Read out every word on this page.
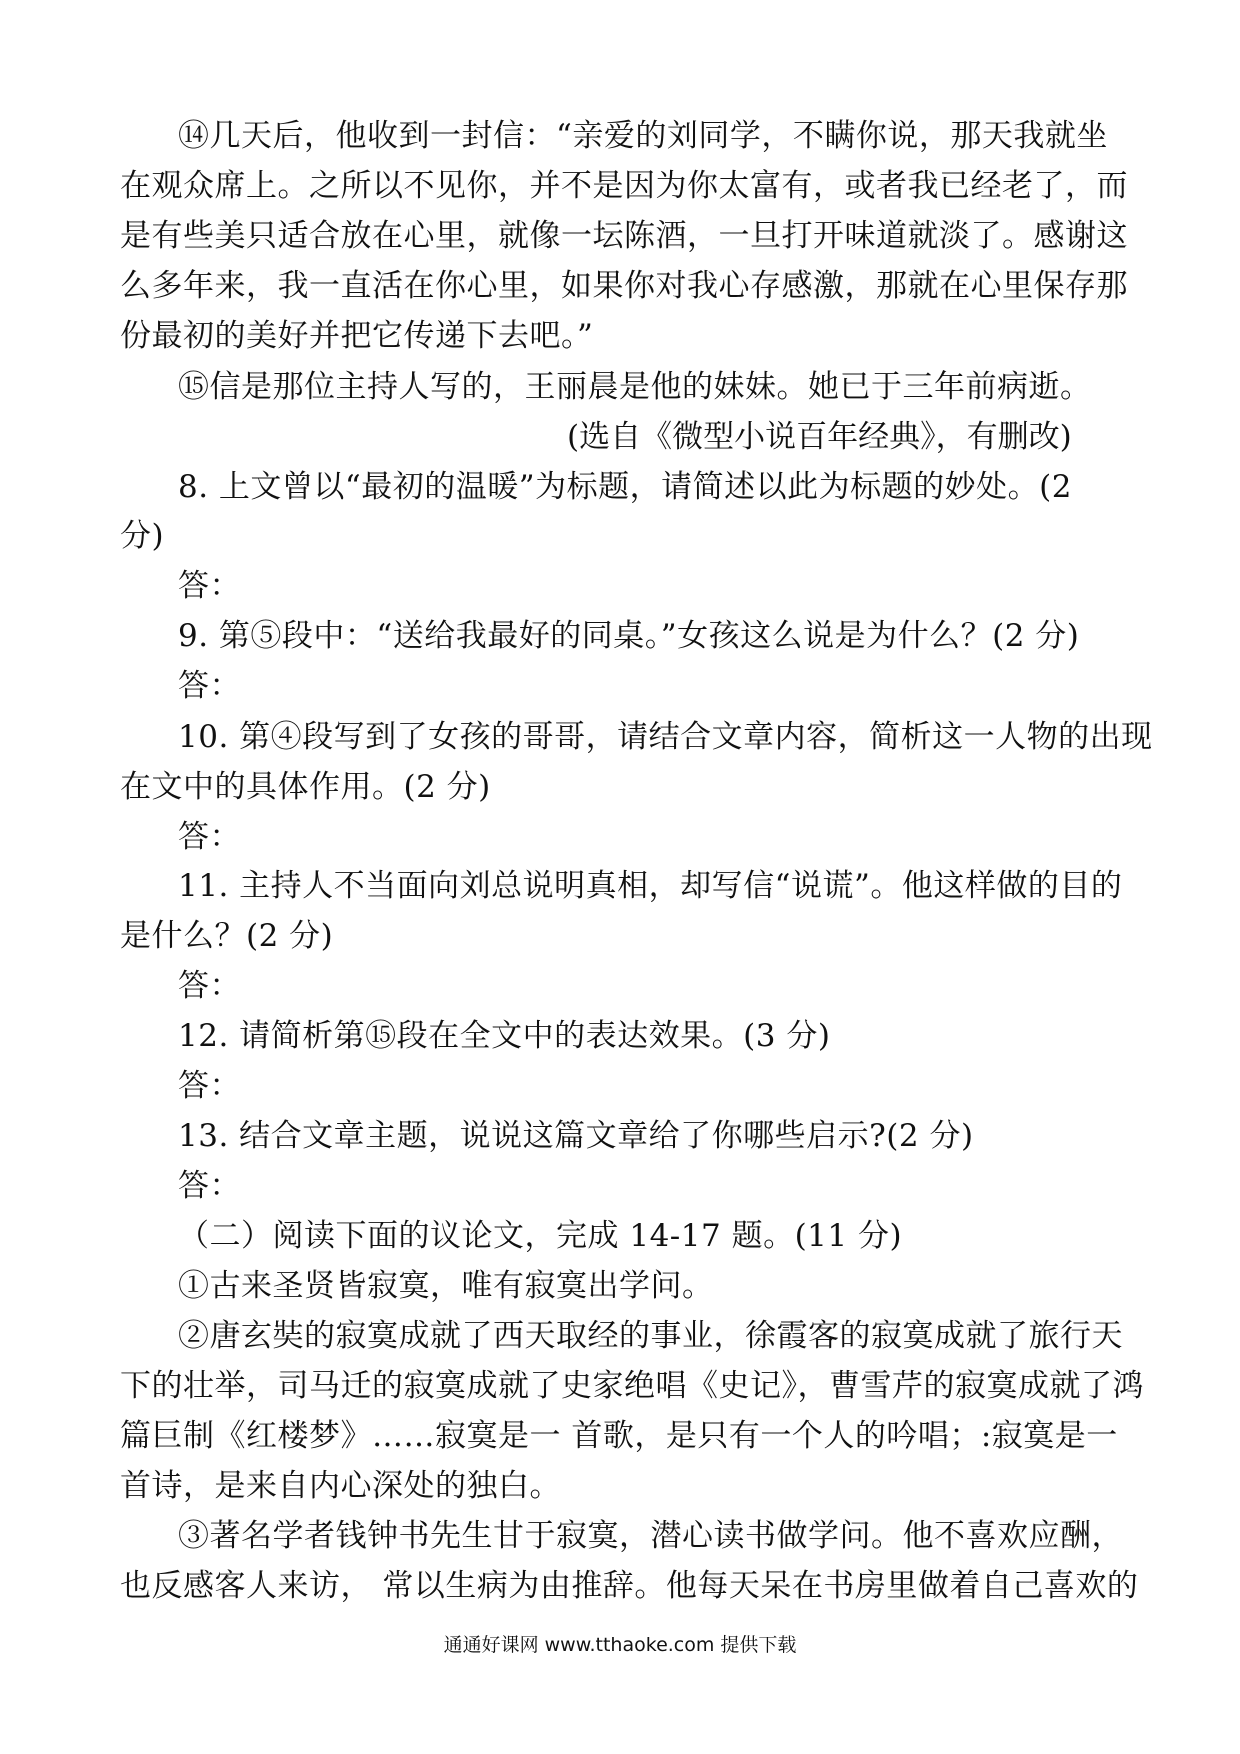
⑭几天后，他收到一封信：“亲爱的刘同学，不瞒你说，那天我就坐
在观众席上。之所以不见你，并不是因为你太富有，或者我已经老了，而
是有些美只适合放在心里，就像一坛陈酒，一旦打开味道就淡了。感谢这
么多年来，我一直活在你心里，如果你对我心存感激，那就在心里保存那
份最初的美好并把它传递下去吧。”
⑮信是那位主持人写的，王丽晨是他的妹妹。她已于三年前病逝。
(选自《微型小说百年经典》，有删改)
8. 上文曾以“最初的温暖”为标题，请简述以此为标题的妙处。(2
分)
答：
9. 第⑤段中：“送给我最好的同桌。”女孩这么说是为什么？(2 分)
答：
10. 第④段写到了女孩的哥哥，请结合文章内容，简析这一人物的出现
在文中的具体作用。(2 分)
答：
11. 主持人不当面向刘总说明真相，却写信“说谎”。他这样做的目的
是什么？(2 分)
答：
12. 请简析第⑮段在全文中的表达效果。(3 分)
答：
13. 结合文章主题，说说这篇文章给了你哪些启示?(2 分)
答：
（二）阅读下面的议论文，完成 14-17 题。(11 分)
①古来圣贤皆寂寞，唯有寂寞出学问。
②唐玄奘的寂寞成就了西天取经的事业，徐霞客的寂寞成就了旅行天
下的壮举，司马迁的寂寞成就了史家绝唱《史记》，曹雪芹的寂寞成就了鸿
篇巨制《红楼梦》……寂寞是一 首歌，是只有一个人的吟唱；:寂寞是一
首诗，是来自内心深处的独白。
③著名学者钱钟书先生甘于寂寞，潜心读书做学问。他不喜欢应酬，
也反感客人来访， 常以生病为由推辞。他每天呆在书房里做着自己喜欢的
通通好课网 www.tthaoke.com 提供下载
